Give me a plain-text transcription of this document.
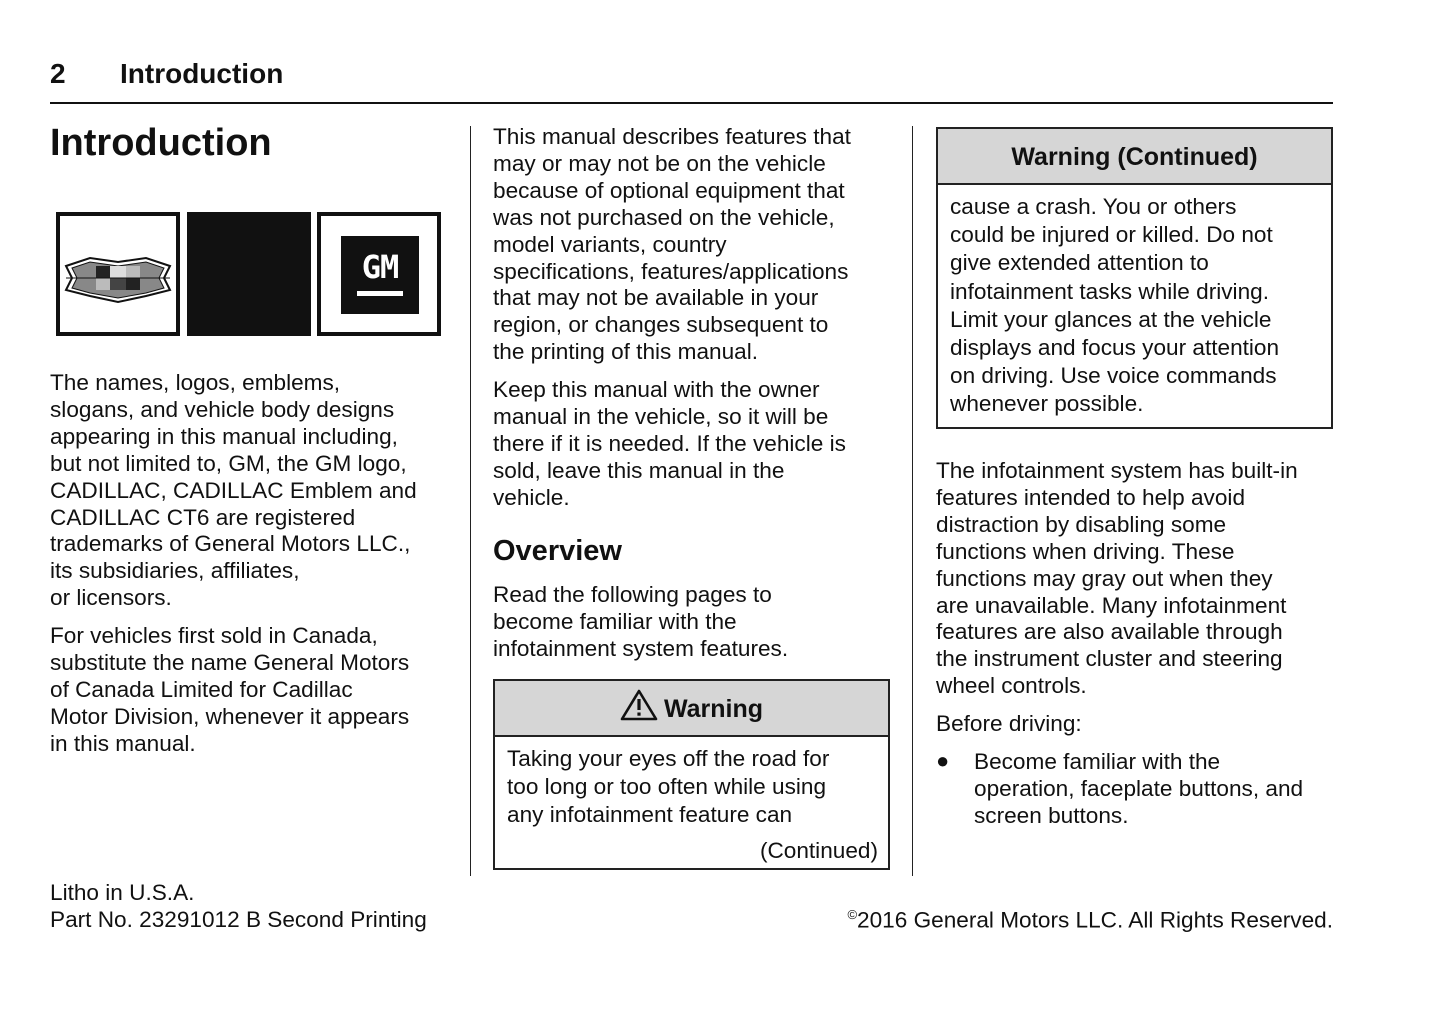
2 Introduction
Introduction
GM
The names, logos, emblems,
slogans, and vehicle body designs
appearing in this manual including,
but not limited to, GM, the GM logo,
CADILLAC, CADILLAC Emblem and
CADILLAC CT6 are registered
trademarks of General Motors LLC.,
its subsidiaries, affiliates,
or licensors.
For vehicles first sold in Canada,
substitute the name General Motors
of Canada Limited for Cadillac
Motor Division, whenever it appears
in this manual.
This manual describes features that
may or may not be on the vehicle
because of optional equipment that
was not purchased on the vehicle,
model variants, country
specifications, features/applications
that may not be available in your
region, or changes subsequent to
the printing of this manual.
Keep this manual with the owner
manual in the vehicle, so it will be
there if it is needed. If the vehicle is
sold, leave this manual in the
vehicle.
Overview
Read the following pages to
become familiar with the
infotainment system features.
Warning
Taking your eyes off the road for
too long or too often while using
any infotainment feature can
(Continued)
Warning (Continued)
cause a crash. You or others
could be injured or killed. Do not
give extended attention to
infotainment tasks while driving.
Limit your glances at the vehicle
displays and focus your attention
on driving. Use voice commands
whenever possible.
The infotainment system has built-in
features intended to help avoid
distraction by disabling some
functions when driving. These
functions may gray out when they
are unavailable. Many infotainment
features are also available through
the instrument cluster and steering
wheel controls.
Before driving:
● Become familiar with the
operation, faceplate buttons, and
screen buttons.
Litho in U.S.A.
Part No. 23291012 B Second Printing	©2016 General Motors LLC. All Rights Reserved.
